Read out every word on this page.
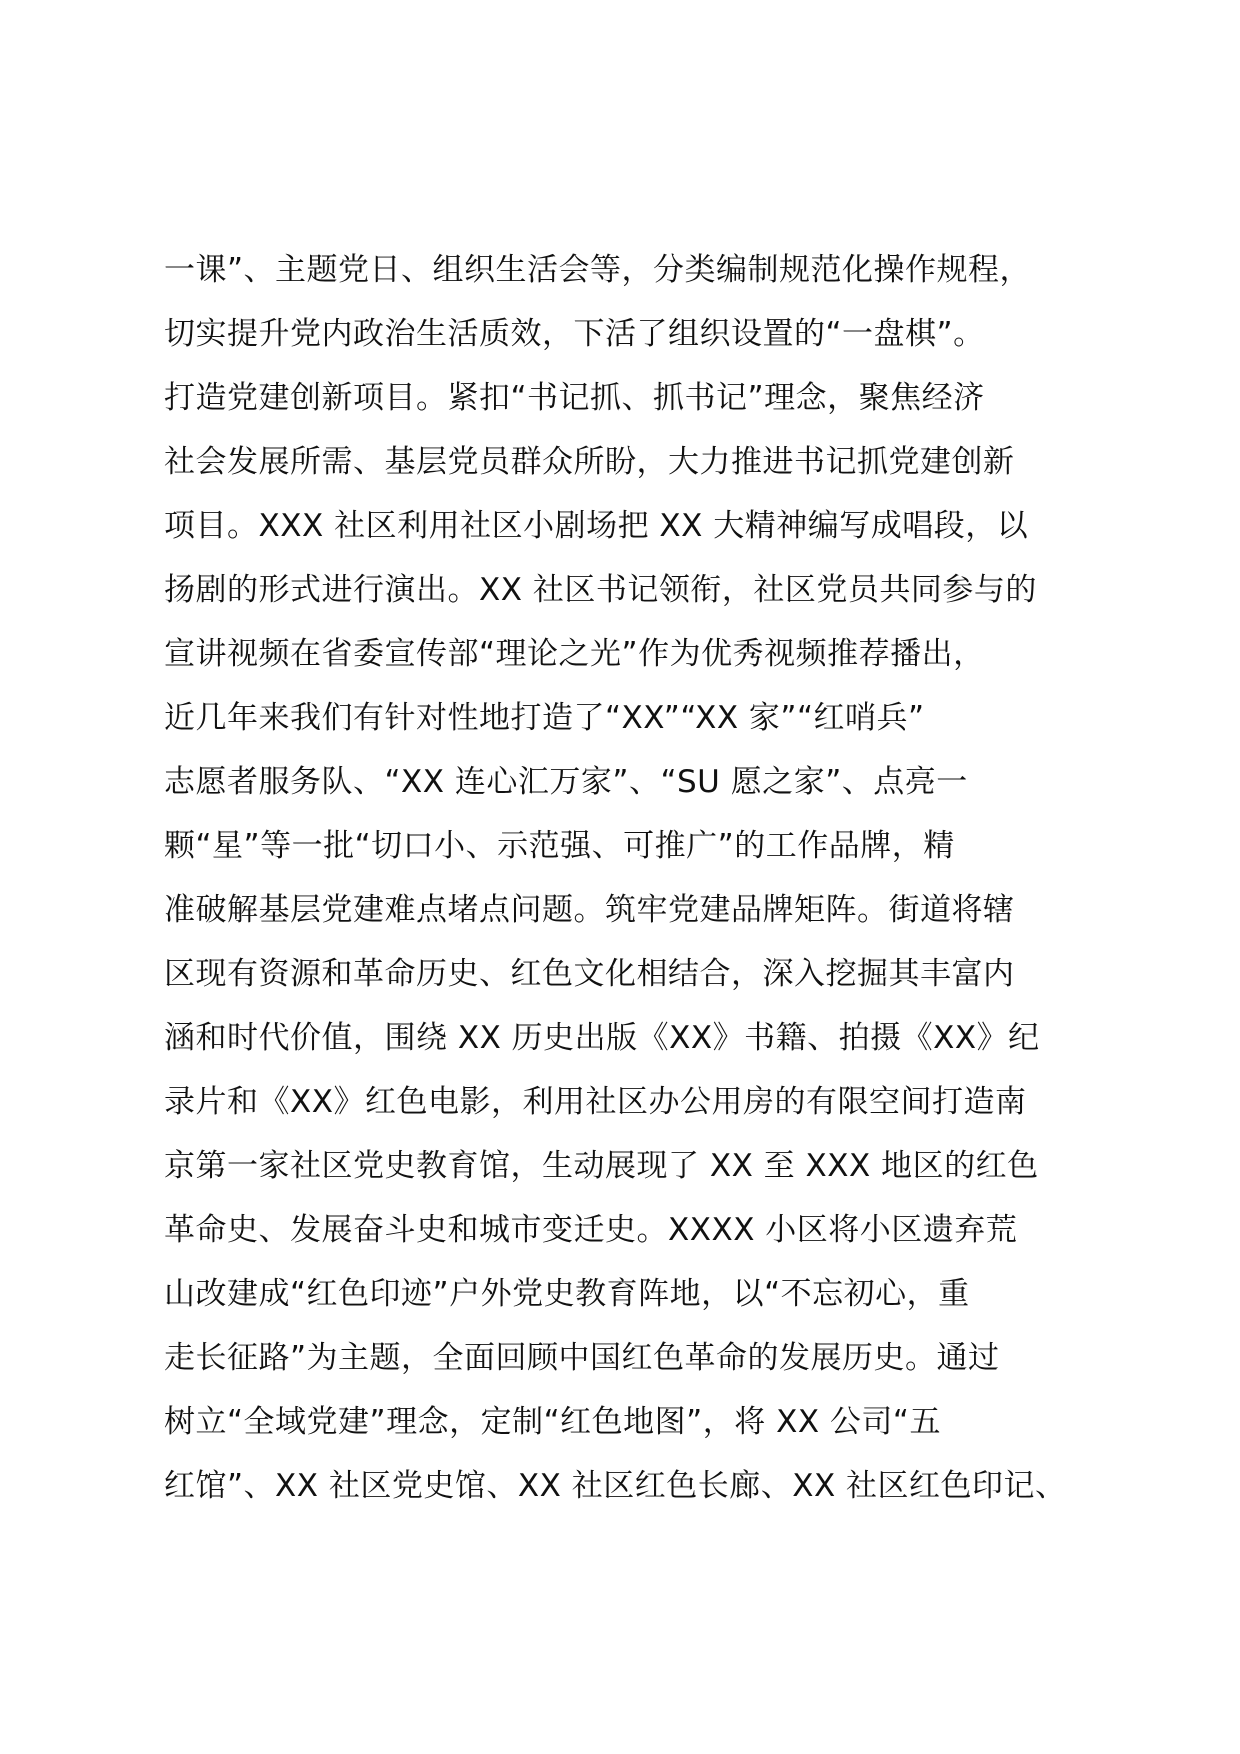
一课”、主题党日、组织生活会等，分类编制规范化操作规程，
切实提升党内政治生活质效，下活了组织设置的“一盘棋”。
打造党建创新项目。紧扣“书记抓、抓书记”理念，聚焦经济
社会发展所需、基层党员群众所盼，大力推进书记抓党建创新
项目。XXX 社区利用社区小剧场把 XX 大精神编写成唱段，以
扬剧的形式进行演出。XX 社区书记领衔，社区党员共同参与的
宣讲视频在省委宣传部“理论之光”作为优秀视频推荐播出，
近几年来我们有针对性地打造了“XX”“XX 家”“红哨兵”
志愿者服务队、“XX 连心汇万家”、“SU 愿之家”、点亮一
颗“星”等一批“切口小、示范强、可推广”的工作品牌，精
准破解基层党建难点堵点问题。筑牢党建品牌矩阵。街道将辖
区现有资源和革命历史、红色文化相结合，深入挖掘其丰富内
涵和时代价值，围绕 XX 历史出版《XX》书籍、拍摄《XX》纪
录片和《XX》红色电影，利用社区办公用房的有限空间打造南
京第一家社区党史教育馆，生动展现了 XX 至 XXX 地区的红色
革命史、发展奋斗史和城市变迁史。XXXX 小区将小区遗弃荒
山改建成“红色印迹”户外党史教育阵地，以“不忘初心，重
走长征路”为主题，全面回顾中国红色革命的发展历史。通过
树立“全域党建”理念，定制“红色地图”，将 XX 公司“五
红馆”、XX 社区党史馆、XX 社区红色长廊、XX 社区红色印记、
